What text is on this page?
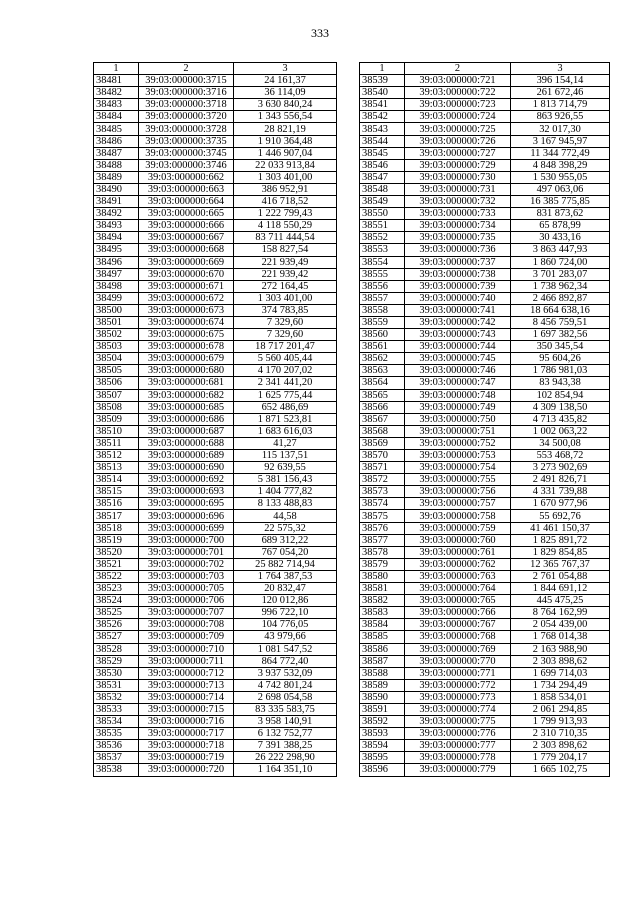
333
1	2	3
38481	39:03:000000:3715	24 161,37
38482	39:03:000000:3716	36 114,09
38483	39:03:000000:3718	3 630 840,24
38484	39:03:000000:3720	1 343 556,54
38485	39:03:000000:3728	28 821,19
38486	39:03:000000:3735	1 910 364,48
38487	39:03:000000:3745	1 446 907,04
38488	39:03:000000:3746	22 033 913,84
38489	39:03:000000:662	1 303 401,00
38490	39:03:000000:663	386 952,91
38491	39:03:000000:664	416 718,52
38492	39:03:000000:665	1 222 799,43
38493	39:03:000000:666	4 118 550,29
38494	39:03:000000:667	83 711 444,54
38495	39:03:000000:668	158 827,54
38496	39:03:000000:669	221 939,49
38497	39:03:000000:670	221 939,42
38498	39:03:000000:671	272 164,45
38499	39:03:000000:672	1 303 401,00
38500	39:03:000000:673	374 783,85
38501	39:03:000000:674	7 329,60
38502	39:03:000000:675	7 329,60
38503	39:03:000000:678	18 717 201,47
38504	39:03:000000:679	5 560 405,44
38505	39:03:000000:680	4 170 207,02
38506	39:03:000000:681	2 341 441,20
38507	39:03:000000:682	1 625 775,44
38508	39:03:000000:685	652 486,69
38509	39:03:000000:686	1 871 523,81
38510	39:03:000000:687	1 683 616,03
38511	39:03:000000:688	41,27
38512	39:03:000000:689	115 137,51
38513	39:03:000000:690	92 639,55
38514	39:03:000000:692	5 381 156,43
38515	39:03:000000:693	1 404 777,82
38516	39:03:000000:695	8 133 488,83
38517	39:03:000000:696	44,58
38518	39:03:000000:699	22 575,32
38519	39:03:000000:700	689 312,22
38520	39:03:000000:701	767 054,20
38521	39:03:000000:702	25 882 714,94
38522	39:03:000000:703	1 764 387,53
38523	39:03:000000:705	20 832,47
38524	39:03:000000:706	120 012,86
38525	39:03:000000:707	996 722,10
38526	39:03:000000:708	104 776,05
38527	39:03:000000:709	43 979,66
38528	39:03:000000:710	1 081 547,52
38529	39:03:000000:711	864 772,40
38530	39:03:000000:712	3 937 532,09
38531	39:03:000000:713	4 742 801,24
38532	39:03:000000:714	2 698 054,58
38533	39:03:000000:715	83 335 583,75
38534	39:03:000000:716	3 958 140,91
38535	39:03:000000:717	6 132 752,77
38536	39:03:000000:718	7 391 388,25
38537	39:03:000000:719	26 222 298,90
38538	39:03:000000:720	1 164 351,10
1	2	3
38539	39:03:000000:721	396 154,14
38540	39:03:000000:722	261 672,46
38541	39:03:000000:723	1 813 714,79
38542	39:03:000000:724	863 926,55
38543	39:03:000000:725	32 017,30
38544	39:03:000000:726	3 167 945,97
38545	39:03:000000:727	11 344 772,49
38546	39:03:000000:729	4 848 398,29
38547	39:03:000000:730	1 530 955,05
38548	39:03:000000:731	497 063,06
38549	39:03:000000:732	16 385 775,85
38550	39:03:000000:733	831 873,62
38551	39:03:000000:734	65 878,99
38552	39:03:000000:735	30 433,16
38553	39:03:000000:736	3 863 447,93
38554	39:03:000000:737	1 860 724,00
38555	39:03:000000:738	3 701 283,07
38556	39:03:000000:739	1 738 962,34
38557	39:03:000000:740	2 466 892,87
38558	39:03:000000:741	18 664 638,16
38559	39:03:000000:742	8 456 759,51
38560	39:03:000000:743	1 697 382,56
38561	39:03:000000:744	350 345,54
38562	39:03:000000:745	95 604,26
38563	39:03:000000:746	1 786 981,03
38564	39:03:000000:747	83 943,38
38565	39:03:000000:748	102 854,94
38566	39:03:000000:749	4 309 138,50
38567	39:03:000000:750	4 713 435,82
38568	39:03:000000:751	1 002 063,22
38569	39:03:000000:752	34 500,08
38570	39:03:000000:753	553 468,72
38571	39:03:000000:754	3 273 902,69
38572	39:03:000000:755	2 491 826,71
38573	39:03:000000:756	4 331 739,88
38574	39:03:000000:757	1 670 977,96
38575	39:03:000000:758	55 692,76
38576	39:03:000000:759	41 461 150,37
38577	39:03:000000:760	1 825 891,72
38578	39:03:000000:761	1 829 854,85
38579	39:03:000000:762	12 365 767,37
38580	39:03:000000:763	2 761 054,88
38581	39:03:000000:764	1 844 691,12
38582	39:03:000000:765	445 475,25
38583	39:03:000000:766	8 764 162,99
38584	39:03:000000:767	2 054 439,00
38585	39:03:000000:768	1 768 014,38
38586	39:03:000000:769	2 163 988,90
38587	39:03:000000:770	2 303 898,62
38588	39:03:000000:771	1 699 714,03
38589	39:03:000000:772	1 734 294,49
38590	39:03:000000:773	1 858 534,01
38591	39:03:000000:774	2 061 294,85
38592	39:03:000000:775	1 799 913,93
38593	39:03:000000:776	2 310 710,35
38594	39:03:000000:777	2 303 898,62
38595	39:03:000000:778	1 779 204,17
38596	39:03:000000:779	1 665 102,75
